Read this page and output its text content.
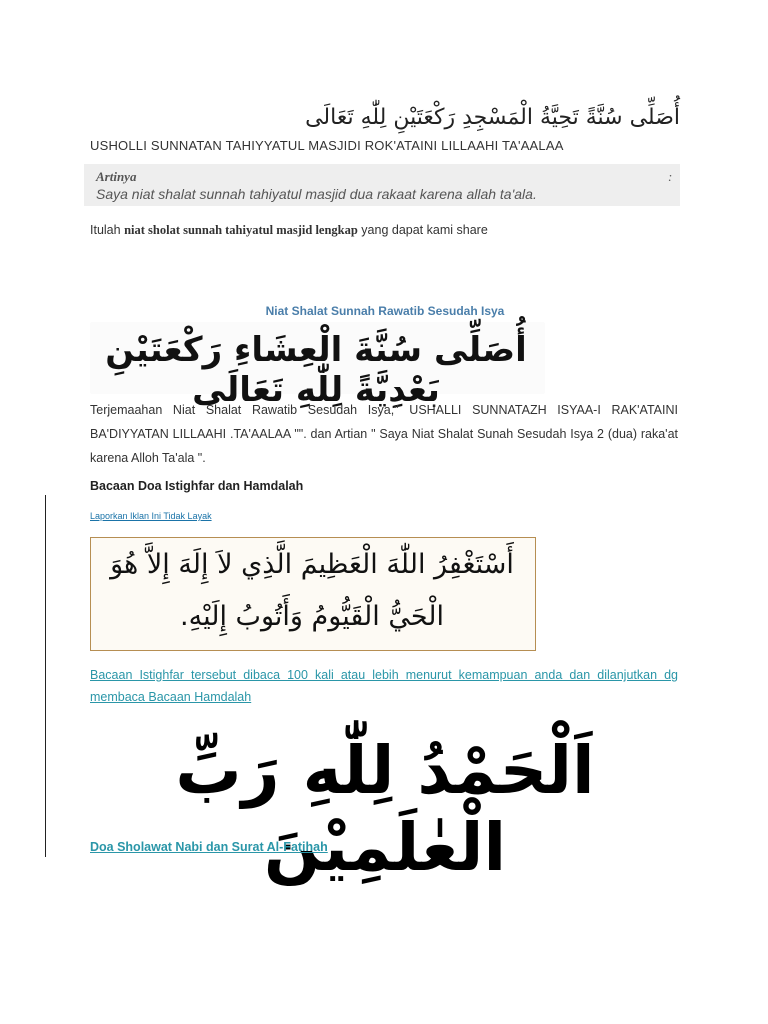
أُصَلِّى سُنَّةً تَحِيَّةُ الْمَسْجِدِ رَكْعَتَيْنِ لِلّٰهِ تَعَالَى
USHOLLI SUNNATAN TAHIYYATUL MASJIDI ROK'ATAINI LILLAAHI TA'AALAA
Artinya	:
Saya niat shalat sunnah tahiyatul masjid dua rakaat karena allah ta'ala.
Itulah niat sholat sunnah tahiyatul masjid lengkap yang dapat kami share
Niat Shalat Sunnah Rawatib Sesudah Isya
أُصَلِّى سُنَّةَ الْعِشَاءِ رَكْعَتَيْنِ بَعْدِيَّةً لِلّٰهِ تَعَالَى
Terjemaahan Niat Shalat Rawatib Sesudah Isya," USHALLI SUNNATAZH ISYAA-I RAK'ATAINI BA'DIYYATAN LILLAAHI .TA'AALAA "". dan Artian " Saya Niat Shalat Sunah Sesudah Isya 2 (dua) raka'at karena Alloh Ta'ala ".
Bacaan Doa Istighfar dan Hamdalah
Laporkan Iklan Ini Tidak Layak
أَسْتَغْفِرُ اللّٰهَ الْعَظِيمَ الَّذِي لاَ إِلَهَ إِلاَّ هُوَ
الْحَيُّ الْقَيُّومُ وَأَتُوبُ إِلَيْهِ.
Bacaan Istighfar tersebut dibaca 100 kali atau lebih menurut kemampuan anda dan dilanjutkan dg membaca Bacaan Hamdalah
اَلْحَمْدُ لِلّٰهِ رَبِّ الْعٰلَمِيْنَ
Doa Sholawat Nabi dan Surat Al-Fatihah
